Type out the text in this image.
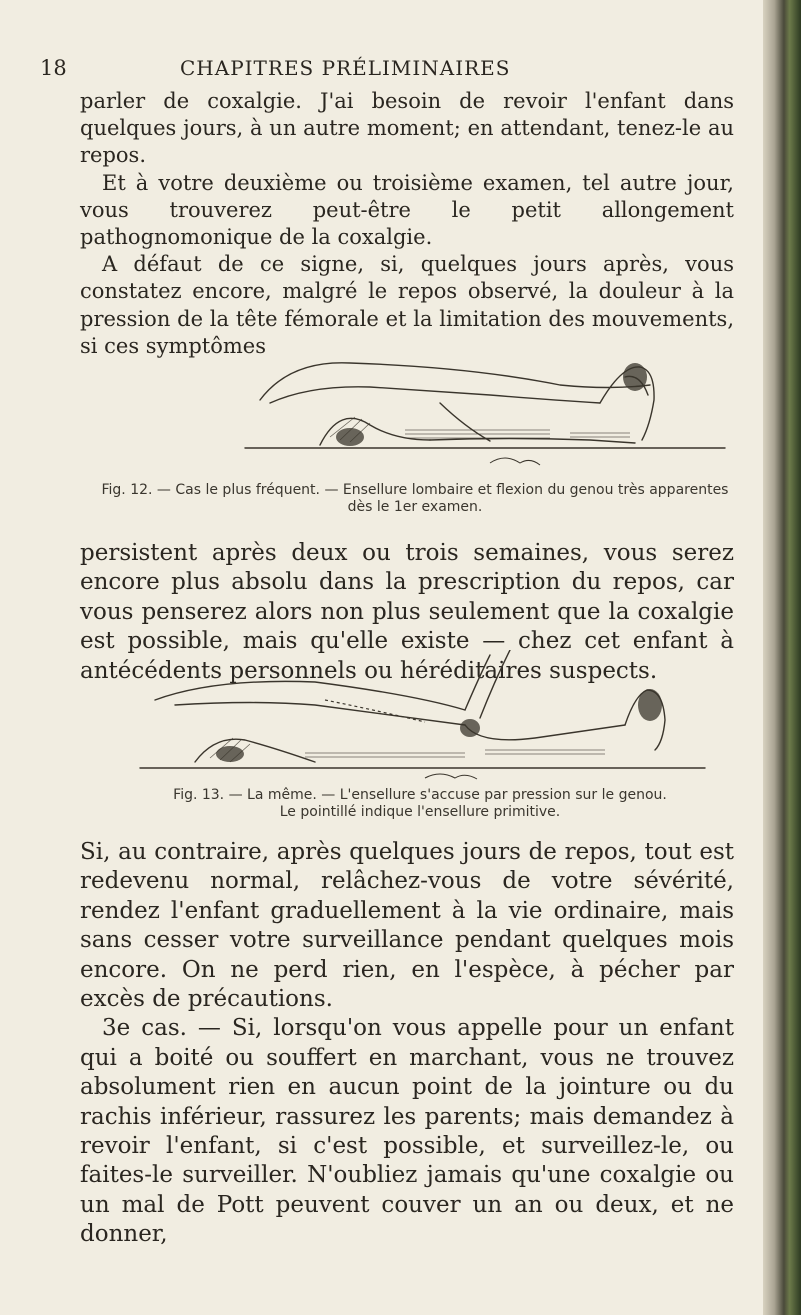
18	CHAPITRES PRÉLIMINAIRES

parler de coxalgie. J'ai besoin de revoir l'enfant dans quelques jours, à un autre moment; en attendant, tenez-le au repos.

Et à votre deuxième ou troisième examen, tel autre jour, vous trouverez peut-être le petit allongement pathognomonique de la coxalgie.

A défaut de ce signe, si, quelques jours après, vous constatez encore, malgré le repos observé, la douleur à la pression de la tête fémorale et la limitation des mouvements, si ces symptômes

Fig. 12. — Cas le plus fréquent. — Ensellure lombaire et flexion du genou très apparentes
dès le 1er examen.

persistent après deux ou trois semaines, vous serez encore plus absolu dans la prescription du repos, car vous penserez alors non plus seulement que la coxalgie est possible, mais qu'elle existe — chez cet enfant à antécédents personnels ou héréditaires suspects.

Fig. 13. — La même. — L'ensellure s'accuse par pression sur le genou.
Le pointillé indique l'ensellure primitive.

Si, au contraire, après quelques jours de repos, tout est redevenu normal, relâchez-vous de votre sévérité, rendez l'enfant graduellement à la vie ordinaire, mais sans cesser votre surveillance pendant quelques mois encore. On ne perd rien, en l'espèce, à pécher par excès de précautions.

3e cas. — Si, lorsqu'on vous appelle pour un enfant qui a boité ou souffert en marchant, vous ne trouvez absolument rien en aucun point de la jointure ou du rachis inférieur, rassurez les parents; mais demandez à revoir l'enfant, si c'est possible, et surveillez-le, ou faites-le surveiller. N'oubliez jamais qu'une coxalgie ou un mal de Pott peuvent couver un an ou deux, et ne donner,
